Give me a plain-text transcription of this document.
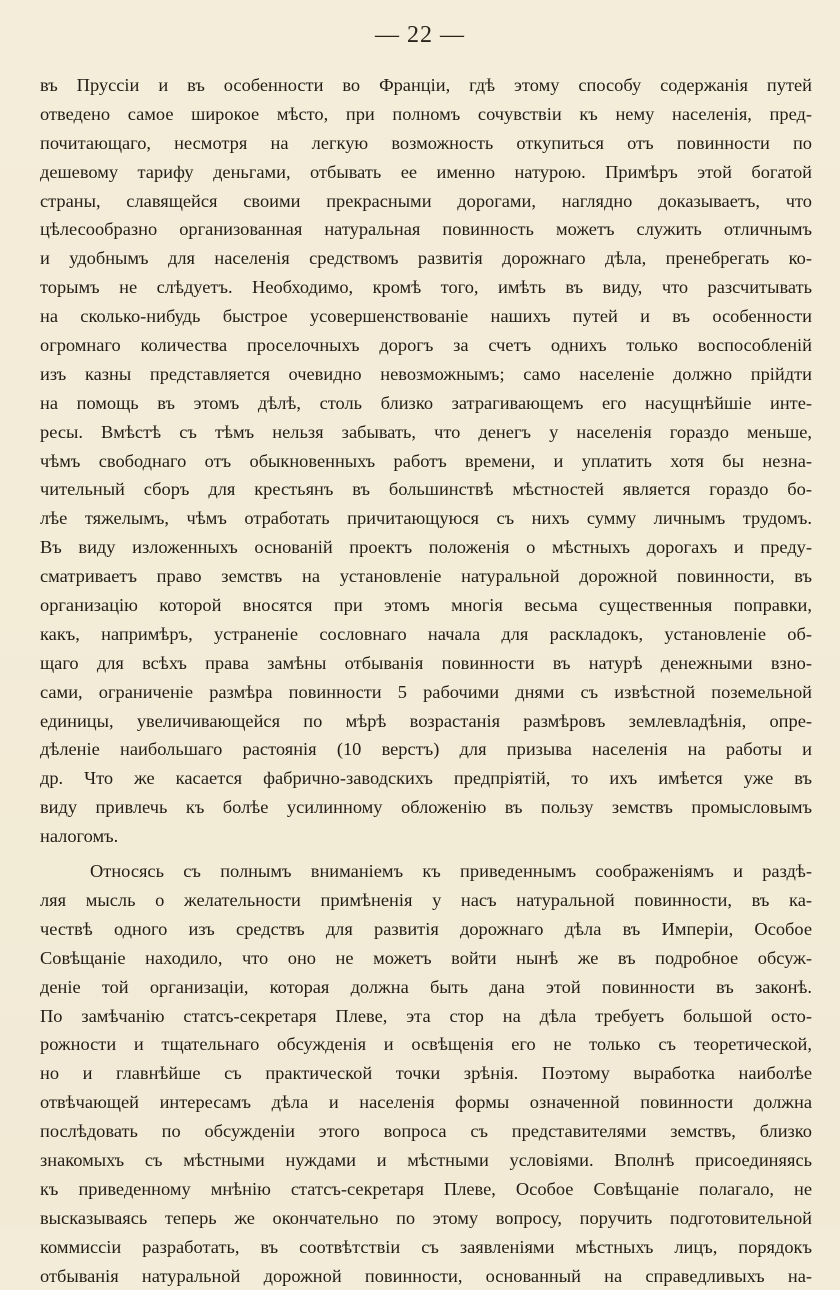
— 22 —
въ Пруссіи и въ особенности во Франціи, гдѣ этому способу содержанія путей
отведено самое широкое мѣсто, при полномъ сочувствіи къ нему населенія, пред-
почитающаго, несмотря на легкую возможность откупиться отъ повинности по
дешевому тарифу деньгами, отбывать ее именно натурою. Примѣръ этой богатой
страны, славящейся своими прекрасными дорогами, наглядно доказываетъ, что
цѣлесообразно организованная натуральная повинность можетъ служить отличнымъ
и удобнымъ для населенія средствомъ развитія дорожнаго дѣла, пренебрегать ко-
торымъ не слѣдуетъ. Необходимо, кромѣ того, имѣть въ виду, что разсчитывать
на сколько-нибудь быстрое усовершенствованіе нашихъ путей и въ особенности
огромнаго количества проселочныхъ дорогъ за счетъ однихъ только воспособленій
изъ казны представляется очевидно невозможнымъ; само населеніе должно прійдти
на помощь въ этомъ дѣлѣ, столь близко затрагивающемъ его насущнѣйшіе инте-
ресы. Вмѣстѣ съ тѣмъ нельзя забывать, что денегъ у населенія гораздо меньше,
чѣмъ свободнаго отъ обыкновенныхъ работъ времени, и уплатить хотя бы незна-
чительный сборъ для крестьянъ въ большинствѣ мѣстностей является гораздо бо-
лѣе тяжелымъ, чѣмъ отработать причитающуюся съ нихъ сумму личнымъ трудомъ.
Въ виду изложенныхъ основаній проектъ положенія о мѣстныхъ дорогахъ и преду-
сматриваетъ право земствъ на установленіе натуральной дорожной повинности, въ
организацію которой вносятся при этомъ многія весьма существенныя поправки,
какъ, напримѣръ, устраненіе сословнаго начала для раскладокъ, установленіе об-
щаго для всѣхъ права замѣны отбыванія повинности въ натурѣ денежными взно-
сами, ограниченіе размѣра повинности 5 рабочими днями съ извѣстной поземельной
единицы, увеличивающейся по мѣрѣ возрастанія размѣровъ землевладѣнія, опре-
дѣленіе наибольшаго растоянія (10 верстъ) для призыва населенія на работы и
др. Что же касается фабрично-заводскихъ предпріятій, то ихъ имѣется уже въ
виду привлечь къ болѣе усилинному обложенію въ пользу земствъ промысловымъ
налогомъ.
Относясь съ полнымъ вниманіемъ къ приведеннымъ соображеніямъ и раздѣ-
ляя мысль о желательности примѣненія у насъ натуральной повинности, въ ка-
чествѣ одного изъ средствъ для развитія дорожнаго дѣла въ Имперіи, Особое
Совѣщаніе находило, что оно не можетъ войти нынѣ же въ подробное обсуж-
деніе той организаціи, которая должна быть дана этой повинности въ законѣ.
По замѣчанію статсъ-секретаря Плеве, эта стор на дѣла требуетъ большой осто-
рожности и тщательнаго обсужденія и освѣщенія его не только съ теоретической,
но и главнѣйше съ практической точки зрѣнія. Поэтому выработка наиболѣе
отвѣчающей интересамъ дѣла и населенія формы означенной повинности должна
послѣдовать по обсужденіи этого вопроса съ представителями земствъ, близко
знакомыхъ съ мѣстными нуждами и мѣстными условіями. Вполнѣ присоединяясь
къ приведенному мнѣнію статсъ-секретаря Плеве, Особое Совѣщаніе полагало, не
высказываясь теперь же окончательно по этому вопросу, поручить подготовительной
коммиссіи разработать, въ соотвѣтствіи съ заявленіями мѣстныхъ лицъ, порядокъ
отбыванія натуральной дорожной повинности, основанный на справедливыхъ на-
